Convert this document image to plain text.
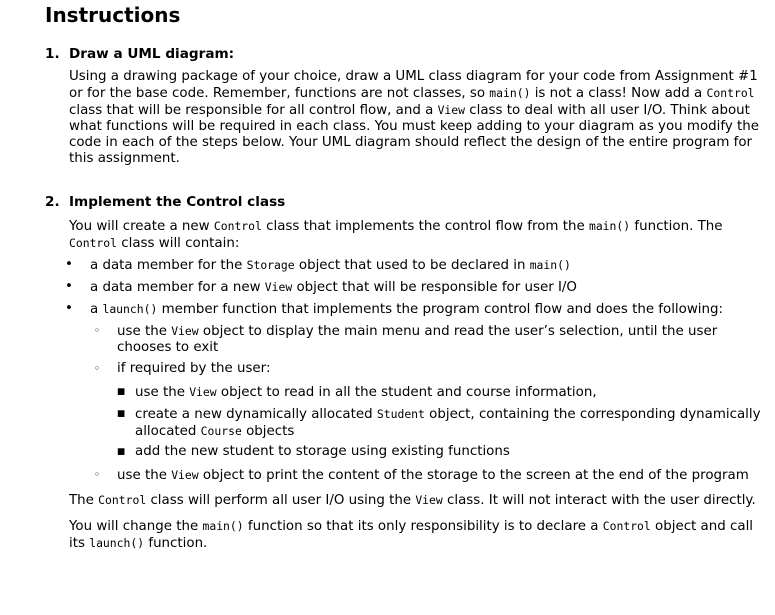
Instructions

1. Draw a UML diagram:

Using a drawing package of your choice, draw a UML class diagram for your code from Assignment #1 or for the base code. Remember, functions are not classes, so main() is not a class! Now add a Control class that will be responsible for all control flow, and a View class to deal with all user I/O. Think about what functions will be required in each class. You must keep adding to your diagram as you modify the code in each of the steps below. Your UML diagram should reflect the design of the entire program for this assignment.

2. Implement the Control class

You will create a new Control class that implements the control flow from the main() function. The Control class will contain:

• a data member for the Storage object that used to be declared in main()
• a data member for a new View object that will be responsible for user I/O
• a launch() member function that implements the program control flow and does the following:
◦ use the View object to display the main menu and read the user’s selection, until the user chooses to exit
◦ if required by the user:
▪ use the View object to read in all the student and course information,
▪ create a new dynamically allocated Student object, containing the corresponding dynamically allocated Course objects
▪ add the new student to storage using existing functions
◦ use the View object to print the content of the storage to the screen at the end of the program

The Control class will perform all user I/O using the View class. It will not interact with the user directly.

You will change the main() function so that its only responsibility is to declare a Control object and call its launch() function.
